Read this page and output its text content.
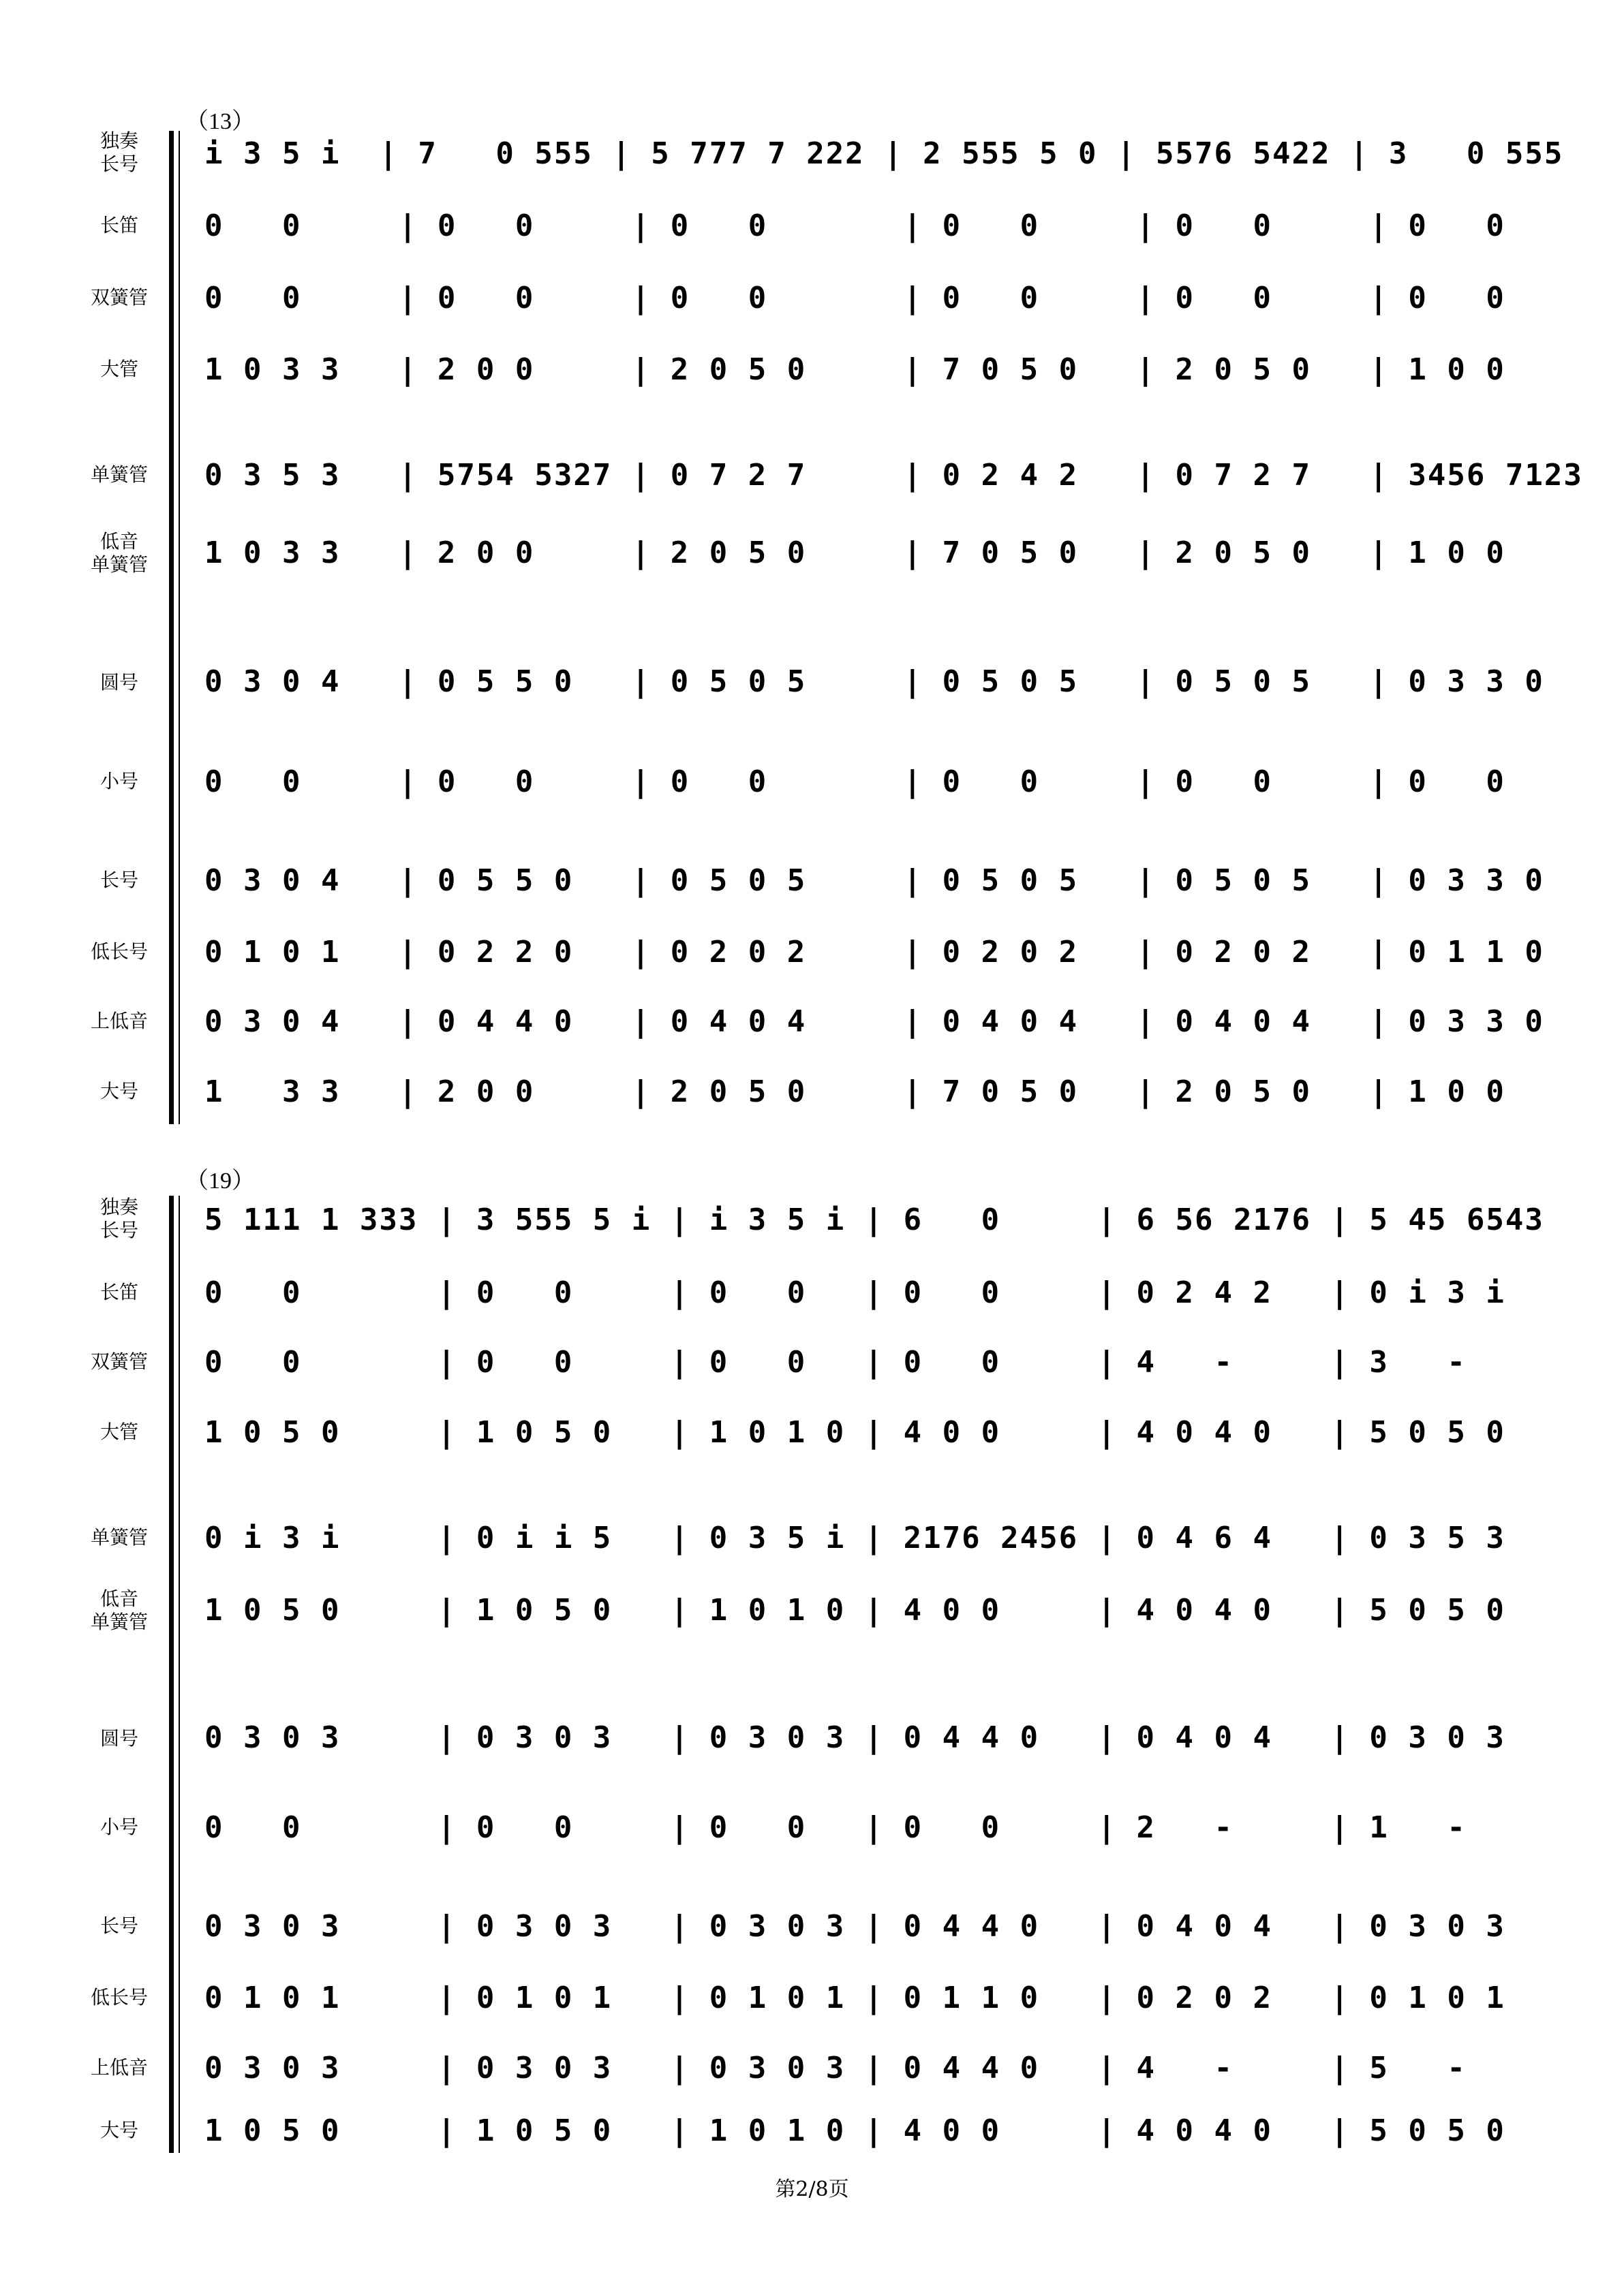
（13）
独奏
长号	i 3 5 i  | 7   0 555 | 5 777 7 222 | 2 555 5 0 | 5576 5422 | 3   0 555
长笛	0   0     | 0   0     | 0   0       | 0   0     | 0   0     | 0   0
双簧管	0   0     | 0   0     | 0   0       | 0   0     | 0   0     | 0   0
大管	1 0 3 3   | 2 0 0     | 2 0 5 0     | 7 0 5 0   | 2 0 5 0   | 1 0 0
单簧管	0 3 5 3   | 5754 5327 | 0 7 2 7     | 0 2 4 2   | 0 7 2 7   | 3456 7123
低音
单簧管	1 0 3 3   | 2 0 0     | 2 0 5 0     | 7 0 5 0   | 2 0 5 0   | 1 0 0
圆号	0 3 0 4   | 0 5 5 0   | 0 5 0 5     | 0 5 0 5   | 0 5 0 5   | 0 3 3 0
小号	0   0     | 0   0     | 0   0       | 0   0     | 0   0     | 0   0
长号	0 3 0 4   | 0 5 5 0   | 0 5 0 5     | 0 5 0 5   | 0 5 0 5   | 0 3 3 0
低长号	0 1 0 1   | 0 2 2 0   | 0 2 0 2     | 0 2 0 2   | 0 2 0 2   | 0 1 1 0
上低音	0 3 0 4   | 0 4 4 0   | 0 4 0 4     | 0 4 0 4   | 0 4 0 4   | 0 3 3 0
大号	1   3 3   | 2 0 0     | 2 0 5 0     | 7 0 5 0   | 2 0 5 0   | 1 0 0
（19）
独奏
长号	5 111 1 333 | 3 555 5 i | i 3 5 i | 6   0     | 6 56 2176 | 5 45 6543
长笛	0   0       | 0   0     | 0   0   | 0   0     | 0 2 4 2   | 0 i 3 i
双簧管	0   0       | 0   0     | 0   0   | 0   0     | 4   -     | 3   -
大管	1 0 5 0     | 1 0 5 0   | 1 0 1 0 | 4 0 0     | 4 0 4 0   | 5 0 5 0
单簧管	0 i 3 i     | 0 i i 5   | 0 3 5 i | 2176 2456 | 0 4 6 4   | 0 3 5 3
低音
单簧管	1 0 5 0     | 1 0 5 0   | 1 0 1 0 | 4 0 0     | 4 0 4 0   | 5 0 5 0
圆号	0 3 0 3     | 0 3 0 3   | 0 3 0 3 | 0 4 4 0   | 0 4 0 4   | 0 3 0 3
小号	0   0       | 0   0     | 0   0   | 0   0     | 2   -     | 1   -
长号	0 3 0 3     | 0 3 0 3   | 0 3 0 3 | 0 4 4 0   | 0 4 0 4   | 0 3 0 3
低长号	0 1 0 1     | 0 1 0 1   | 0 1 0 1 | 0 1 1 0   | 0 2 0 2   | 0 1 0 1
上低音	0 3 0 3     | 0 3 0 3   | 0 3 0 3 | 0 4 4 0   | 4   -     | 5   -
大号	1 0 5 0     | 1 0 5 0   | 1 0 1 0 | 4 0 0     | 4 0 4 0   | 5 0 5 0
第2/8页
